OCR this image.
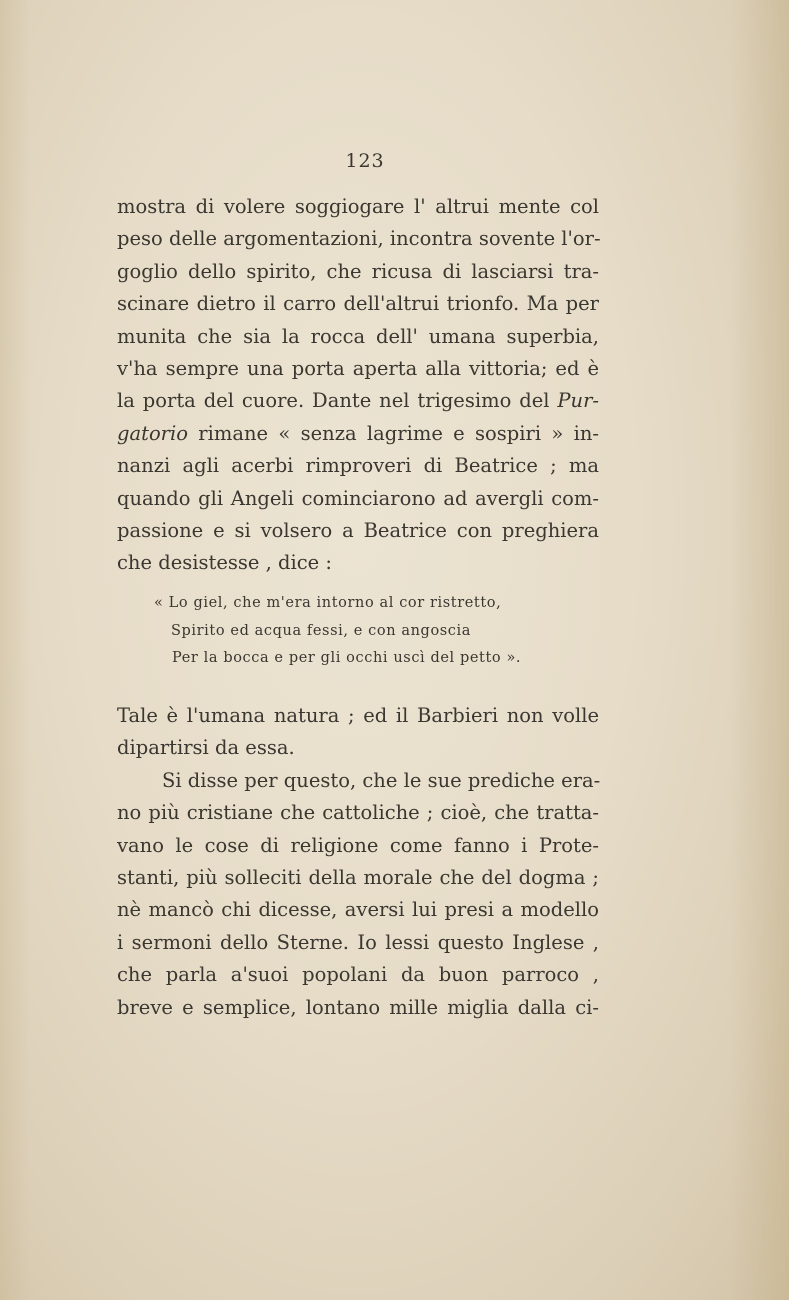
123
mostra di volere soggiogare l' altrui mente col
peso delle argomentazioni, incontra sovente l'or-
goglio dello spirito, che ricusa di lasciarsi tra-
scinare dietro il carro dell'altrui trionfo. Ma per
munita che sia la rocca dell' umana superbia,
v'ha sempre una porta aperta alla vittoria; ed è
la porta del cuore. Dante nel trigesimo del Pur-
gatorio rimane « senza lagrime e sospiri » in-
nanzi agli acerbi rimproveri di Beatrice ; ma
quando gli Angeli cominciarono ad avergli com-
passione e si volsero a Beatrice con preghiera
che desistesse , dice :
« Lo giel, che m'era intorno al cor ristretto,
Spirito ed acqua fessi, e con angoscia
Per la bocca e per gli occhi uscì del petto ».
Tale è l'umana natura ; ed il Barbieri non volle
dipartirsi da essa.
Si disse per questo, che le sue prediche era-
no più cristiane che cattoliche ; cioè, che tratta-
vano le cose di religione come fanno i Prote-
stanti, più solleciti della morale che del dogma ;
nè mancò chi dicesse, aversi lui presi a modello
i sermoni dello Sterne. Io lessi questo Inglese ,
che parla a'suoi popolani da buon parroco ,
breve e semplice, lontano mille miglia dalla ci-
